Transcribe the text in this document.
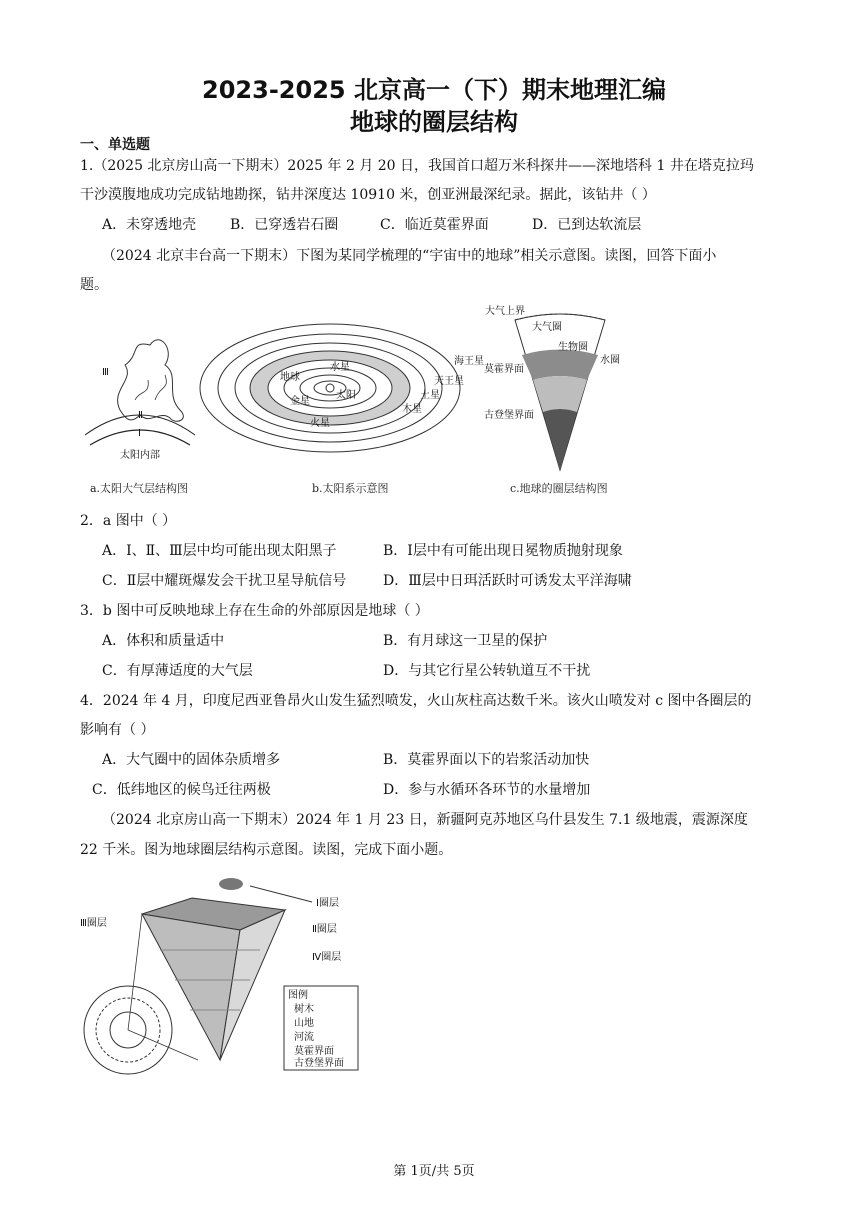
2023-2025 北京高一（下）期末地理汇编
地球的圈层结构
一、单选题
1.（2025 北京房山高一下期末）2025 年 2 月 20 日，我国首口超万米科探井——深地塔科 1 井在塔克拉玛
干沙漠腹地成功完成钻地勘探，钻井深度达 10910 米，创亚洲最深纪录。据此，该钻井（ ）
A．未穿透地壳 B．已穿透岩石圈	C．临近莫霍界面	D．已到达软流层
（2024 北京丰台高一下期末）下图为某同学梳理的“宇宙中的地球”相关示意图。读图，回答下面小
题。
Ⅲ
Ⅱ
Ⅰ
太阳内部
a.太阳大气层结构图
水星
太阳
金星
地球
火星
木星
土星
天王星
海王星
b.太阳系示意图
大气上界
大气圈
生物圈
水圈
莫霍界面
古登堡界面
c.地球的圈层结构图
2．a 图中（ ）
A．Ⅰ、Ⅱ、Ⅲ层中均可能出现太阳黑子	B．Ⅰ层中有可能出现日冕物质抛射现象
C．Ⅱ层中耀斑爆发会干扰卫星导航信号	D．Ⅲ层中日珥活跃时可诱发太平洋海啸
3．b 图中可反映地球上存在生命的外部原因是地球（ ）
A．体积和质量适中	B．有月球这一卫星的保护
C．有厚薄适度的大气层	D．与其它行星公转轨道互不干扰
4．2024 年 4 月，印度尼西亚鲁昂火山发生猛烈喷发，火山灰柱高达数千米。该火山喷发对 c 图中各圈层的
影响有（ ）
A．大气圈中的固体杂质增多	B．莫霍界面以下的岩浆活动加快
C．低纬地区的候鸟迁往两极	D．参与水循环各环节的水量增加
（2024 北京房山高一下期末）2024 年 1 月 23 日，新疆阿克苏地区乌什县发生 7.1 级地震，震源深度
22 千米。图为地球圈层结构示意图。读图，完成下面小题。
Ⅰ圈层
Ⅱ圈层
Ⅲ圈层
Ⅳ圈层
图例
树木
山地
河流
莫霍界面
古登堡界面
第 1页/共 5页
